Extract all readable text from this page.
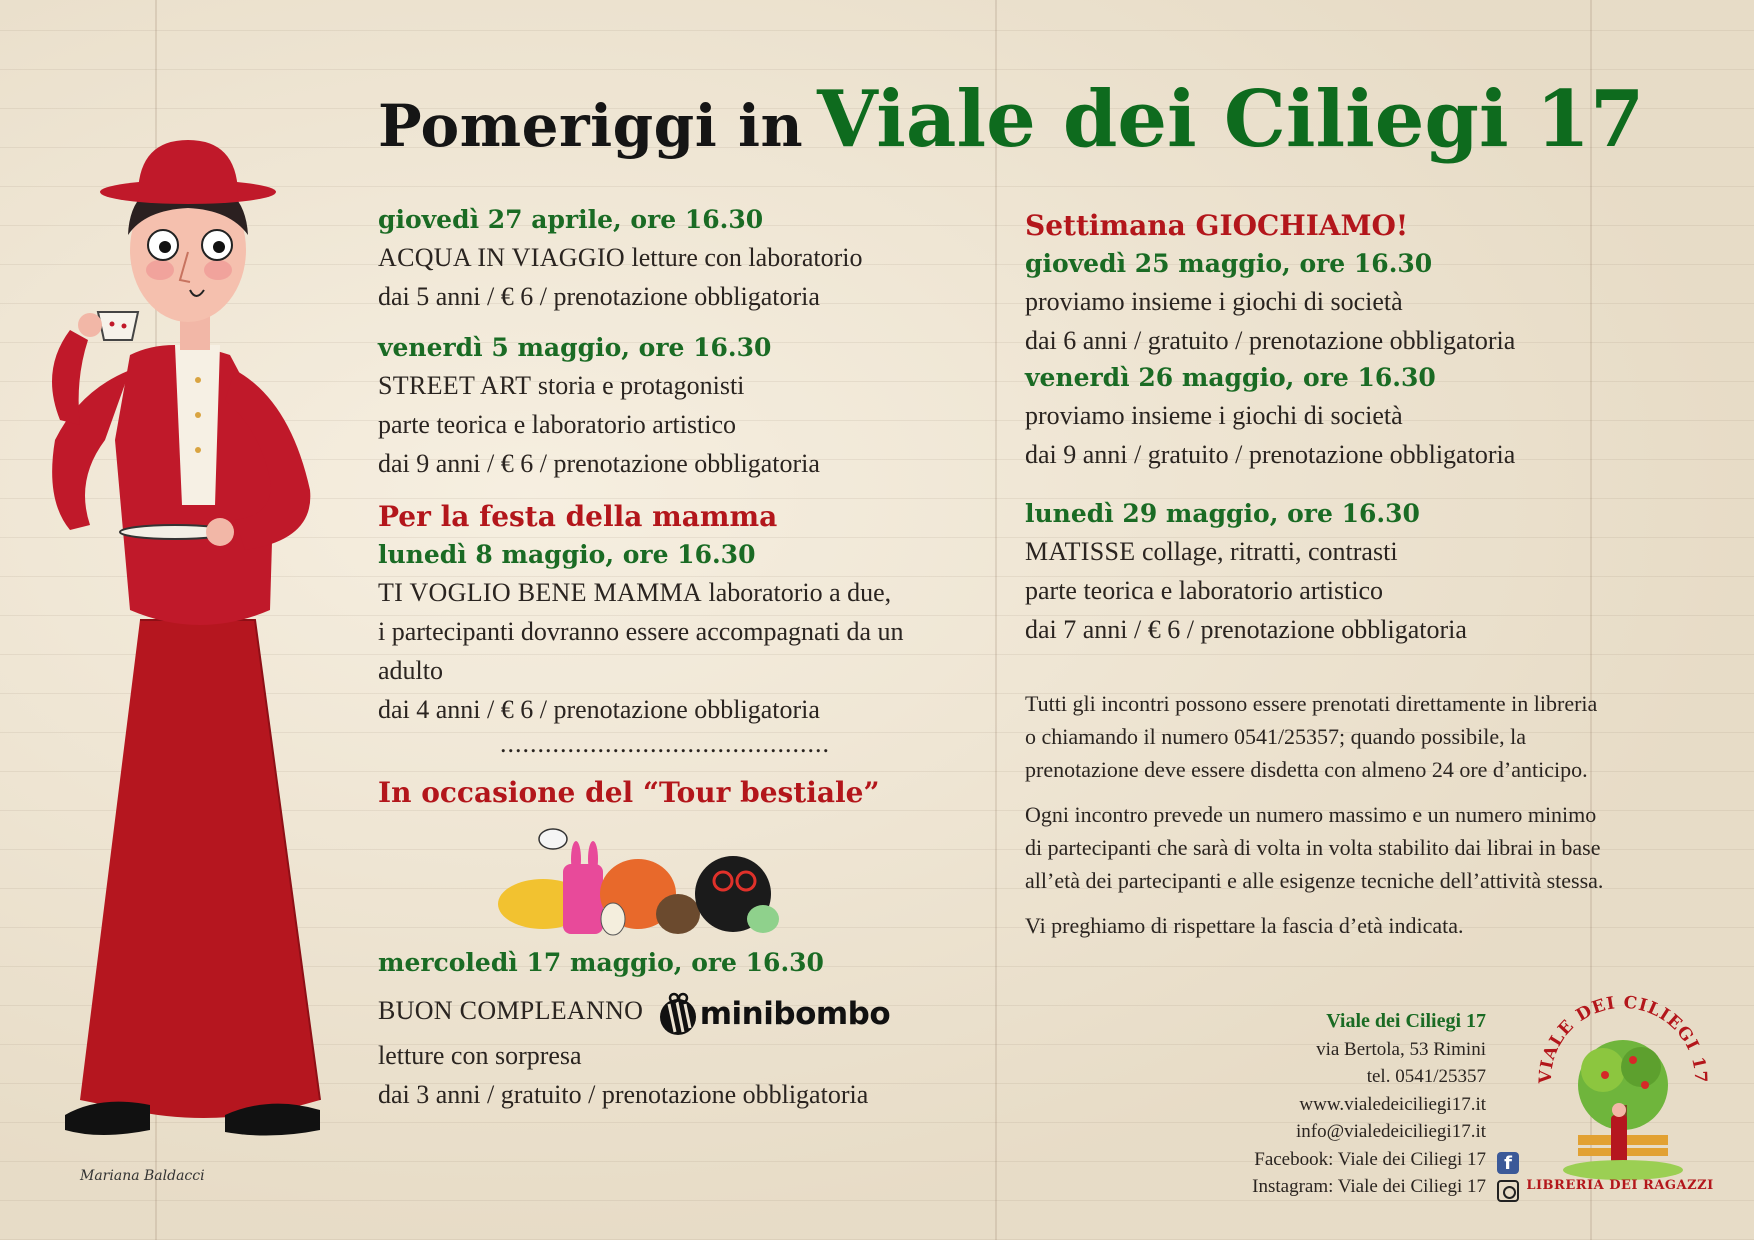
Mariana Baldacci
Pomeriggi in Viale dei Ciliegi 17
giovedì 27 aprile, ore 16.30
ACQUA IN VIAGGIO letture con laboratorio
dai 5 anni / € 6 / prenotazione obbligatoria
venerdì 5 maggio, ore 16.30
STREET ART storia e protagonisti
parte teorica e laboratorio artistico
dai 9 anni / € 6 / prenotazione obbligatoria
Per la festa della mamma
lunedì 8 maggio, ore 16.30
TI VOGLIO BENE MAMMA laboratorio a due,
i partecipanti dovranno essere accompagnati da un
adulto
dai 4 anni / € 6 / prenotazione obbligatoria
............................................
In occasione del “Tour bestiale”
mercoledì 17 maggio, ore 16.30
BUON COMPLEANNO minibombo
letture con sorpresa
dai 3 anni / gratuito / prenotazione obbligatoria
Settimana GIOCHIAMO!
giovedì 25 maggio, ore 16.30
proviamo insieme i giochi di società
dai 6 anni / gratuito / prenotazione obbligatoria
venerdì 26 maggio, ore 16.30
proviamo insieme i giochi di società
dai 9 anni / gratuito / prenotazione obbligatoria
lunedì 29 maggio, ore 16.30
MATISSE collage, ritratti, contrasti
parte teorica e laboratorio artistico
dai 7 anni / € 6 / prenotazione obbligatoria
Tutti gli incontri possono essere prenotati direttamente in libreria
o chiamando il numero 0541/25357; quando possibile, la
prenotazione deve essere disdetta con almeno 24 ore d’anticipo.
Ogni incontro prevede un numero massimo e un numero minimo
di partecipanti che sarà di volta in volta stabilito dai librai in base
all’età dei partecipanti e alle esigenze tecniche dell’attività stessa.
Vi preghiamo di rispettare la fascia d’età indicata.
Viale dei Ciliegi 17
via Bertola, 53 Rimini
tel. 0541/25357
www.vialedeiciliegi17.it
info@vialedeiciliegi17.it
Facebook: Viale dei Ciliegi 17
Instagram: Viale dei Ciliegi 17
f
VIALE DEI CILIEGI 17
LIBRERIA DEI RAGAZZI
